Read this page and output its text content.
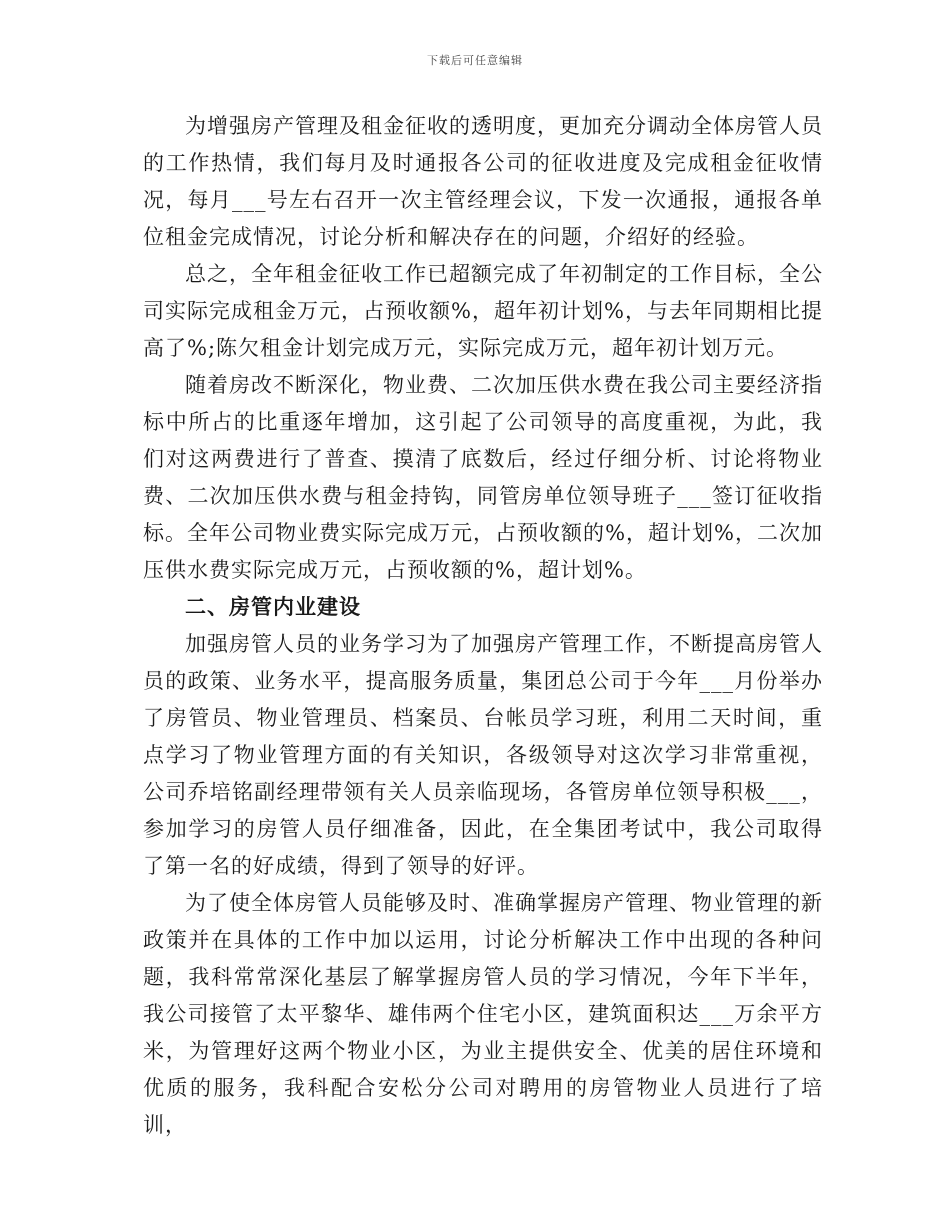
下载后可任意编辑

为增强房产管理及租金征收的透明度，更加充分调动全体房管人员的工作热情，我们每月及时通报各公司的征收进度及完成租金征收情况，每月___号左右召开一次主管经理会议，下发一次通报，通报各单位租金完成情况，讨论分析和解决存在的问题，介绍好的经验。

总之，全年租金征收工作已超额完成了年初制定的工作目标，全公司实际完成租金万元，占预收额%，超年初计划%，与去年同期相比提高了%;陈欠租金计划完成万元，实际完成万元，超年初计划万元。

随着房改不断深化，物业费、二次加压供水费在我公司主要经济指标中所占的比重逐年增加，这引起了公司领导的高度重视，为此，我们对这两费进行了普查、摸清了底数后，经过仔细分析、讨论将物业费、二次加压供水费与租金持钩，同管房单位领导班子___签订征收指标。全年公司物业费实际完成万元，占预收额的%，超计划%，二次加压供水费实际完成万元，占预收额的%，超计划%。

二、房管内业建设

加强房管人员的业务学习为了加强房产管理工作，不断提高房管人员的政策、业务水平，提高服务质量，集团总公司于今年___月份举办了房管员、物业管理员、档案员、台帐员学习班，利用二天时间，重点学习了物业管理方面的有关知识，各级领导对这次学习非常重视，公司乔培铭副经理带领有关人员亲临现场，各管房单位领导积极___，参加学习的房管人员仔细准备，因此，在全集团考试中，我公司取得了第一名的好成绩，得到了领导的好评。

为了使全体房管人员能够及时、准确掌握房产管理、物业管理的新政策并在具体的工作中加以运用，讨论分析解决工作中出现的各种问题，我科常常深化基层了解掌握房管人员的学习情况，今年下半年，我公司接管了太平黎华、雄伟两个住宅小区，建筑面积达___万余平方米，为管理好这两个物业小区，为业主提供安全、优美的居住环境和优质的服务，我科配合安松分公司对聘用的房管物业人员进行了培训，
